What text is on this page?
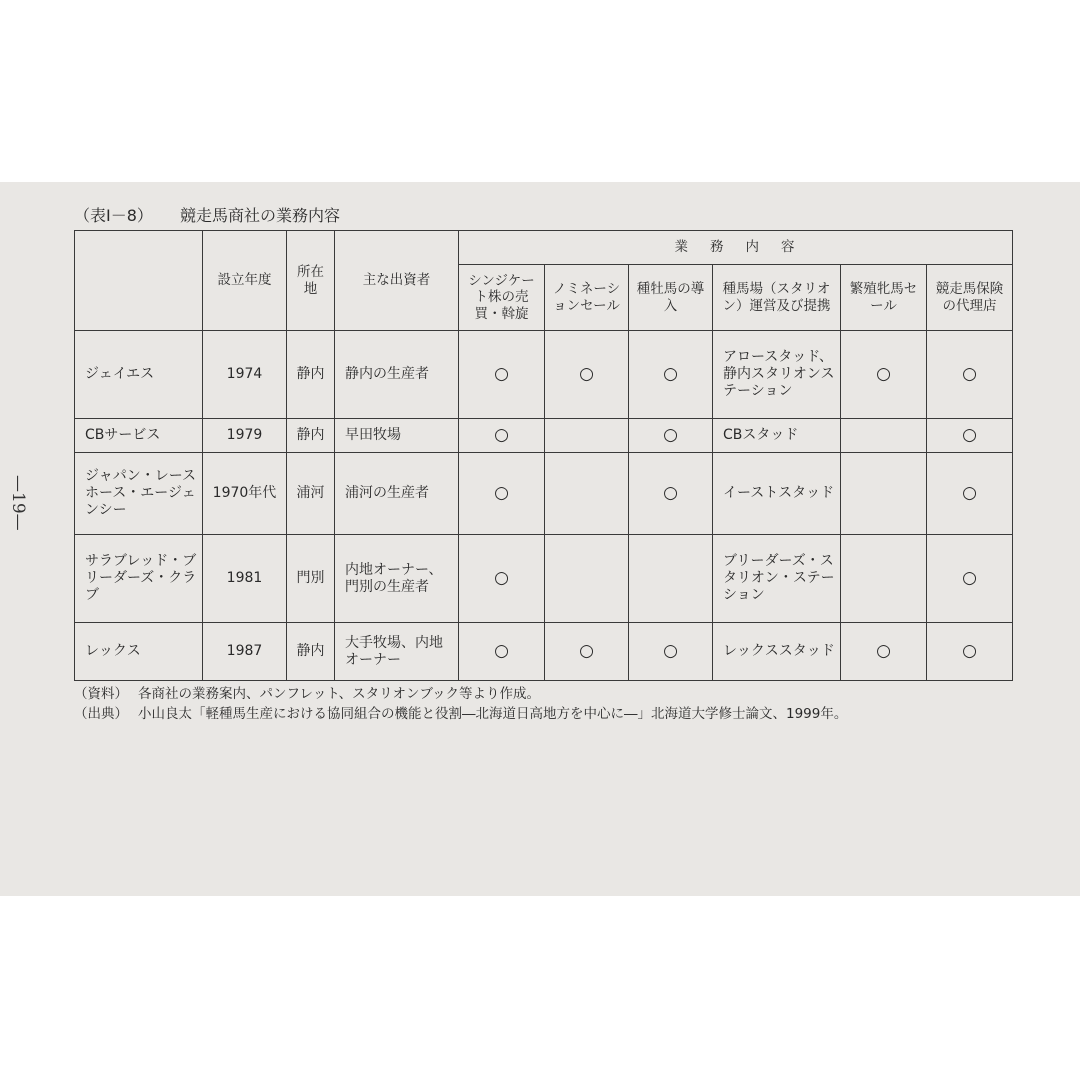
—19—
（表Ⅰ－8） 競走馬商社の業務内容
	設立年度	所在地	主な出資者	業務内容					
				シンジケート株の売買・斡旋	ノミネーションセール	種牡馬の導入	種馬場（スタリオン）運営及び提携	繁殖牝馬セール	競走馬保険の代理店
ジェイエス	1974	静内	静内の生産者	○	○	○	アロースタッド、静内スタリオンステーション	○	○
CBサービス	1979	静内	早田牧場	○		○	CBスタッド		○
ジャパン・レースホース・エージェンシー	1970年代	浦河	浦河の生産者	○		○	イーストスタッド		○
サラブレッド・ブリーダーズ・クラブ	1981	門別	内地オーナー、門別の生産者	○			ブリーダーズ・スタリオン・ステーション		○
レックス	1987	静内	大手牧場、内地オーナー	○	○	○	レックススタッド	○	○
（資料） 各商社の業務案内、パンフレット、スタリオンブック等より作成。
（出典） 小山良太「軽種馬生産における協同組合の機能と役割―北海道日高地方を中心に―」北海道大学修士論文、1999年。
